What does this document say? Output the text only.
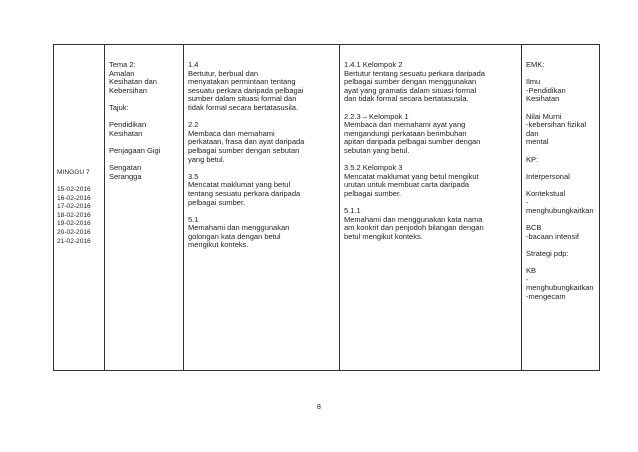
MINGGU 7
15-02-2016
16-02-2016
17-02-2016
18-02-2016
19-02-2016
20-02-2016
21-02-2016

Tema 2:
Amalan
Kesihatan dan
Kebersihan
Tajuk:
Pendidikan
Kesihatan
Penjagaan Gigi
Sengatan
Serangga

1.4
Bertutur, berbual dan
menyatakan permintaan tentang
sesuatu perkara daripada pelbagai
sumber dalam situasi formal dan
tidak formal secara bertatasusila.
2.2
Membaca dan memahami
perkataan, frasa dan ayat daripada
pelbagai sumber dengan sebutan
yang betul.
3.5
Mencatat maklumat yang betul
tentang sesuatu perkara daripada
pelbagai sumber.
5.1
Memahami dan menggunakan
golongan kata dengan betul
mengikut konteks.

1.4.1 Kelompok 2
Bertutur tentang sesuatu perkara daripada
pelbagai sumber dengan menggunakan
ayat yang gramatis dalam situasi formal
dan tidak formal secara bertatasusila.
2.2.3 – Kelompok 1
Membaca dan memahami ayat yang
mengandungi perkataan berimbuhan
apitan daripada pelbagai sumber dengan
sebutan yang betul.
3.5.2 Kelompok 3
Mencatat maklumat yang betul mengikut
urutan untuk membuat carta daripada
pelbagai sumber.
5.1.1
Memahami dan menggunakan kata nama
am konkrit dan penjodoh bilangan dengan
betul mengikut konteks.

EMK:
Ilmu
-Pendidikan
Kesihatan
Nilai Murni
-kebersihan fizikal
dan
mental
KP:
Interpersonal
Kontekstual
-menghubungkaitkan
BCB
-bacaan intensif
Strategi pdp:
KB
-menghubungkaitkan
-mengecam
8
